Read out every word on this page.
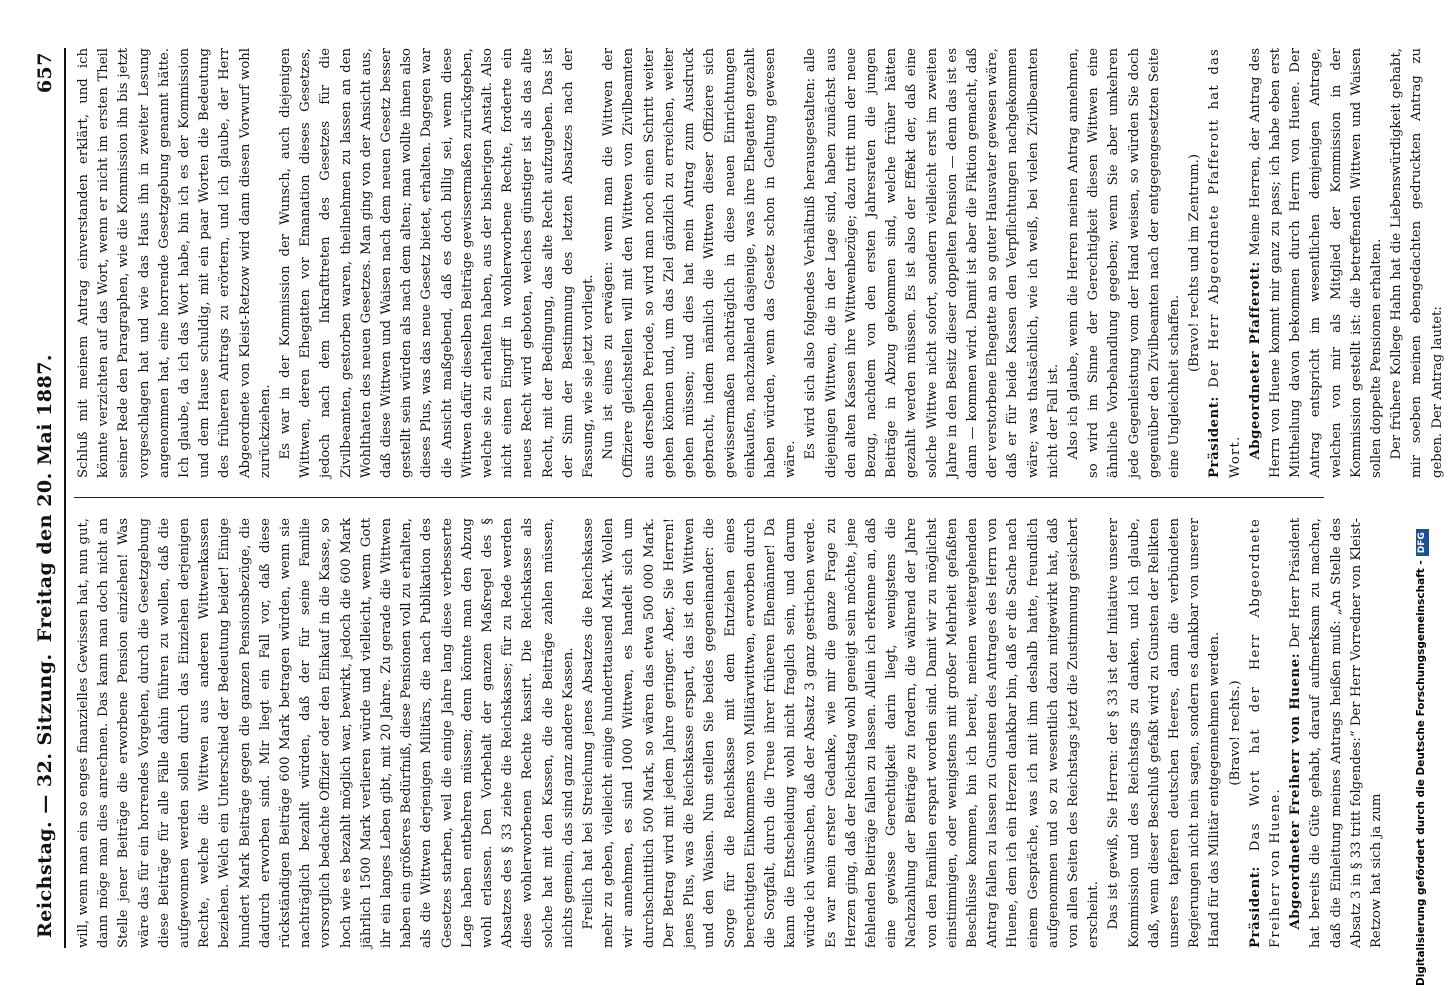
Reichstag. — 32. Sitzung.
Freitag den 20. Mai 1887.
657

will, wenn man ein so enges finanzielles Gewissen hat, nun gut, dann möge man dies anrechnen. Das kann man doch nicht an Stelle jener Beiträge die erworbene Pension einziehen! Was wäre das für ein horrendes Vorgehen, durch die Gesetzgebung diese Beiträge für alle Fälle dahin führen zu wollen, daß die aufgewonnen werden sollen durch das Einziehen derjenigen Rechte, welche die Wittwen aus anderen Wittwenkassen beziehen. Welch ein Unterschied der Bedeutung beider! Einige hundert Mark Beiträge gegen die ganzen Pensionsbezüge, die dadurch erworben sind. Mir liegt ein Fall vor, daß diese rückständigen Beiträge 600 Mark betragen würden, wenn sie nachträglich bezahlt würden, daß der für seine Familie vorsorglich bedachte Offizier oder den Einkauf in die Kasse, so hoch wie es bezahlt möglich war, bewirkt, jedoch die 600 Mark jährlich 1500 Mark verlieren würde und vielleicht, wenn Gott ihr ein langes Leben gibt, mit 20 Jahre. Zu gerade die Wittwen haben ein größeres Bedürfniß, diese Pensionen voll zu erhalten, als die Wittwen derjenigen Militärs, die nach Publikation des Gesetzes starben, weil die einige Jahre lang diese verbesserte Lage haben entbehren müssen; denn könnte man den Abzug wohl erlassen. Den Vorbehalt der ganzen Maßregel des § Absatzes des § 33 ziehe die Reichskasse; für zu Rede werden diese wohlerworbenen Rechte kassirt. Die Reichskasse als solche hat mit den Kassen, die die Beiträge zahlen müssen, nichts gemein, das sind ganz andere Kassen. Freilich hat bei Streichung jenes Absatzes die Reichskasse mehr zu geben, vielleicht einige hunderttausend Mark. Wollen wir annehmen, es sind 1000 Wittwen, es handelt sich um durchschnittlich 500 Mark, so wären das etwa 500 000 Mark. Der Betrag wird mit jedem Jahre geringer. Aber, Sie Herren! jenes Plus, was die Reichskasse erspart, das ist den Wittwen und den Waisen. Nun stellen Sie beides gegeneinander: die Sorge für die Reichskasse mit dem Entziehen eines berechtigten Einkommens von Militärwittwen, erworben durch die Sorgfalt, durch die Treue ihrer früheren Ehemänner! Da kann die Entscheidung wohl nicht fraglich sein, und darum würde ich wünschen, daß der Absatz 3 ganz gestrichen werde. Es war mein erster Gedanke, wie mir die ganze Frage zu Herzen ging, daß der Reichstag wohl geneigt sein möchte, jene fehlenden Beiträge fallen zu lassen. Allein ich erkenne an, daß eine gewisse Gerechtigkeit darin liegt, wenigstens die Nachzahlung der Beiträge zu fordern, die während der Jahre von den Familien erspart worden sind. Damit wir zu möglichst einstimmigen, oder wenigstens mit großer Mehrheit gefaßten Beschlüsse kommen, bin ich bereit, meinen weitergehenden Antrag fallen zu lassen zu Gunsten des Antrages des Herrn von Huene, dem ich ein Herzen dankbar bin, daß er die Sache nach einem Gespräche, was ich mit ihm deshalb hatte, freundlich aufgenommen und so zu wesentlich dazu mitgewirkt hat, daß von allen Seiten des Reichstags jetzt die Zustimmung gesichert erscheint. Das ist gewiß, Sie Herren: der § 33 ist der Initiative unserer Kommission und des Reichstags zu danken, und ich glaube, daß, wenn dieser Beschluß gefaßt wird zu Gunsten der Relikten unseres tapferen deutschen Heeres, dann die verbündeten Regierungen nicht nein sagen, sondern es dankbar von unserer Hand für das Militär entgegennehmen werden. (Bravo! rechts.)

Präsident: Das Wort hat der Herr Abgeordnete Freiherr von Huene. Abgeordneter Freiherr von Huene: Der Herr Präsident hat bereits die Güte gehabt, darauf aufmerksam zu machen, daß die Einleitung meines Antrags heißen muß: „An Stelle des Absatz 3 in § 33 tritt folgendes:“ Der Herr Vorredner von Kleist-Retzow hat sich ja zum

Schluß mit meinem Antrag einverstanden erklärt, und ich könnte verzichten auf das Wort, wenn er nicht im ersten Theil seiner Rede den Paragraphen, wie die Kommission ihn bis jetzt vorgeschlagen hat und wie das Haus ihn in zweiter Lesung angenommen hat, eine horrende Gesetzgebung genannt hätte. Ich glaube, da ich das Wort habe, bin ich es der Kommission und dem Hause schuldig, mit ein paar Worten die Bedeutung des früheren Antrags zu erörtern, und ich glaube, der Herr Abgeordnete von Kleist-Retzow wird dann diesen Vorwurf wohl zurückziehen. Es war in der Kommission der Wunsch, auch diejenigen Wittwen, deren Ehegatten vor Emanation dieses Gesetzes, jedoch nach dem Inkrafttreten des Gesetzes für die Zivilbeamten, gestorben waren, theilnehmen zu lassen an den Wohlthaten des neuen Gesetzes. Man ging von der Ansicht aus, daß diese Wittwen und Waisen nach dem neuen Gesetz besser gestellt sein würden als nach dem alten; man wollte ihnen also dieses Plus, was das neue Gesetz bietet, erhalten. Dagegen war die Ansicht maßgebend, daß es doch billig sei, wenn diese Wittwen dafür dieselben Beiträge gewissermaßen zurückgeben, welche sie zu erhalten haben, aus der bisherigen Anstalt. Also nicht einen Eingriff in wohlerworbene Rechte, forderte ein neues Recht wird geboten, welches günstiger ist als das alte Recht, mit der Bedingung, das alte Recht aufzugeben. Das ist der Sinn der Bestimmung des letzten Absatzes nach der Fassung, wie sie jetzt vorliegt. Nun ist eines zu erwägen: wenn man die Wittwen der Offiziere gleichstellen will mit den Wittwen von Zivilbeamten aus derselben Periode, so wird man noch einen Schritt weiter gehen können und, um das Ziel gänzlich zu erreichen, weiter gehen müssen; und dies hat mein Antrag zum Ausdruck gebracht, indem nämlich die Wittwen dieser Offiziere sich gewissermaßen nachträglich in diese neuen Einrichtungen einkaufen, nachzahlend dasjenige, was ihre Ehegatten gezahlt haben würden, wenn das Gesetz schon in Geltung gewesen wäre. Es wird sich also folgendes Verhältniß herausgestalten: alle diejenigen Wittwen, die in der Lage sind, haben zunächst aus den alten Kassen ihre Wittwenbezüge; dazu tritt nun der neue Bezug, nachdem von den ersten Jahresraten die jungen Beiträge in Abzug gekommen sind, welche früher hätten gezahlt werden müssen. Es ist also der Effekt der, daß eine solche Wittwe nicht sofort, sondern vielleicht erst im zweiten Jahre in den Besitz dieser doppelten Pension — denn das ist es dann — kommen wird. Damit ist aber die Fiktion gemacht, daß der verstorbene Ehegatte an so guter Hausvater gewesen wäre, daß er für beide Kassen den Verpflichtungen nachgekommen wäre; was thatsächlich, wie ich weiß, bei vielen Zivilbeamten nicht der Fall ist. Also ich glaube, wenn die Herren meinen Antrag annehmen, so wird im Sinne der Gerechtigkeit diesen Wittwen eine ähnliche Vorbehandlung gegeben; wenn Sie aber umkehren jede Gegenleistung vom der Hand weisen, so würden Sie doch gegenüber den Zivilbeamten nach der entgegengesetzten Seite eine Ungleichheit schaffen.

(Bravo! rechts und im Zentrum.)

Präsident: Der Herr Abgeordnete Pfafferott hat das Wort. Abgeordneter Pfafferott: Meine Herren, der Antrag des Herrn von Huene kommt mir ganz zu pass; ich habe eben erst Mittheilung davon bekommen durch Herrn von Huene. Der Antrag entspricht im wesentlichen demjenigen Antrage, welchen von mir als Mitglied der Kommission in der Kommission gestellt ist: die betreffenden Wittwen und Waisen sollen doppelte Pensionen erhalten. Der frühere Kollege Hahn hat die Liebenswürdigkeit gehabt, mir soeben meinen ebengedachten gedruckten Antrag zu geben. Der Antrag lautet:

Digitalisierung gefördert durch die Deutsche Forschungsgemeinschaft -DFG
